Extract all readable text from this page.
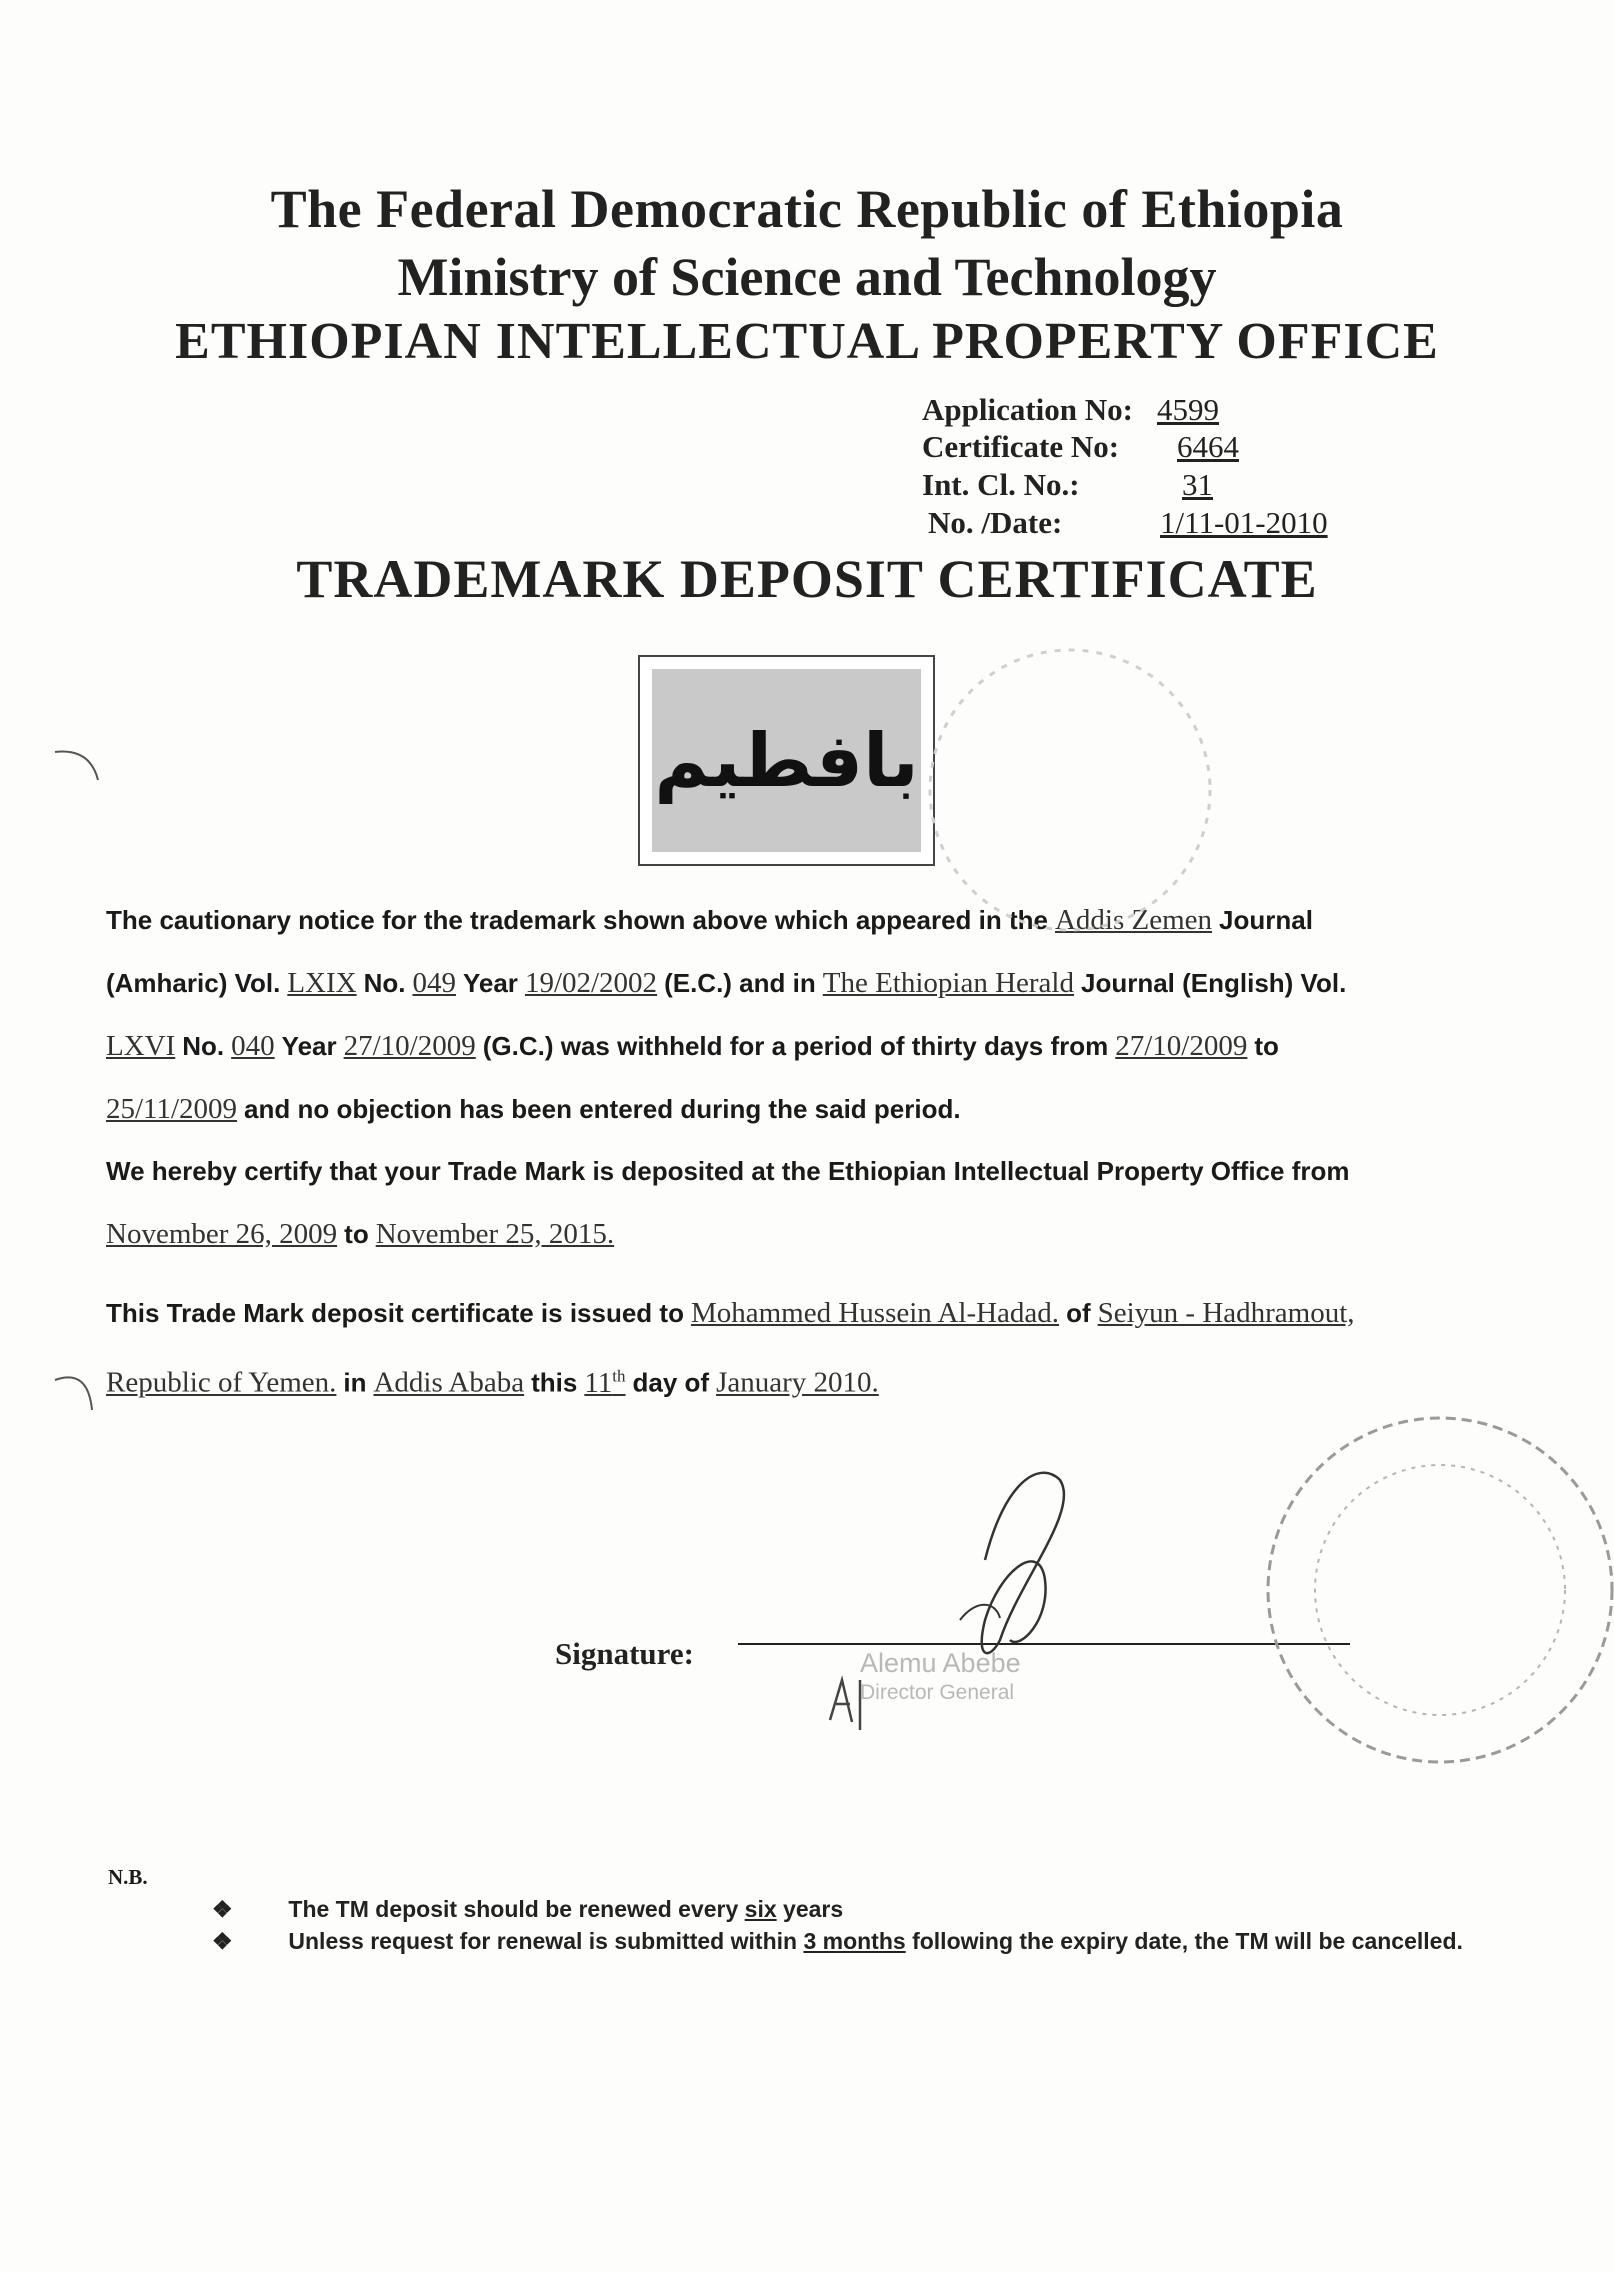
The Federal Democratic Republic of Ethiopia
Ministry of Science and Technology
ETHIOPIAN INTELLECTUAL PROPERTY OFFICE
Application No: 4599
Certificate No: 6464
Int. Cl. No.:	31
No. /Date:	1/11-01-2010
TRADEMARK DEPOSIT CERTIFICATE
بافطيم
The cautionary notice for the trademark shown above which appeared in the Addis Zemen Journal
(Amharic) Vol. LXIX No. 049 Year 19/02/2002 (E.C.) and in The Ethiopian Herald Journal (English) Vol.
LXVI No. 040 Year 27/10/2009 (G.C.) was withheld for a period of thirty days from 27/10/2009 to
25/11/2009 and no objection has been entered during the said period.
We hereby certify that your Trade Mark is deposited at the Ethiopian Intellectual Property Office from
November 26, 2009 to November 25, 2015.
This Trade Mark deposit certificate is issued to Mohammed Hussein Al-Hadad. of Seiyun - Hadhramout,
Republic of Yemen. in Addis Ababa this 11th day of January 2010.
Signature:	Alemu Abebe
Director General
N.B.
❖ The TM deposit should be renewed every six years
❖ Unless request for renewal is submitted within 3 months following the expiry date, the TM will be cancelled.
